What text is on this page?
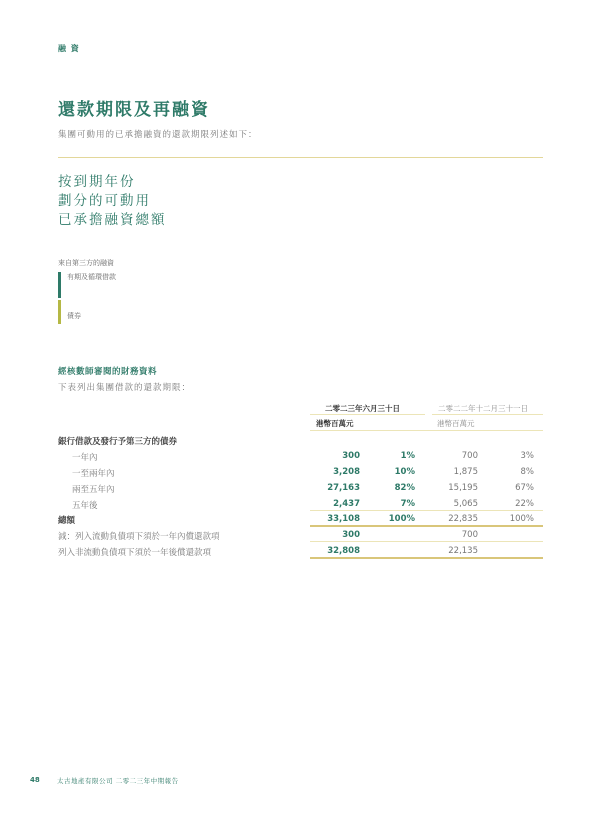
融 資
還款期限及再融資
集團可動用的已承擔融資的還款期限列述如下：
按到期年份
劃分的可動用
已承擔融資總額
來自第三方的融資
有期及循環借款
債券
經核數師審閱的財務資料
下表列出集團借款的還款期限：
二零二三年六月三十日	二零二二年十二月三十一日
港幣百萬元	港幣百萬元
銀行借款及發行予第三方的債券
一年內	300	1%	700	3%
一至兩年內	3,208	10%	1,875	8%
兩至五年內	27,163	82%	15,195	67%
五年後	2,437	7%	5,065	22%
總額	33,108	100%	22,835	100%
減：列入流動負債項下須於一年內償還款項	300	700
列入非流動負債項下須於一年後償還款項	32,808	22,135
48	太古地產有限公司 二零二三年中期報告
